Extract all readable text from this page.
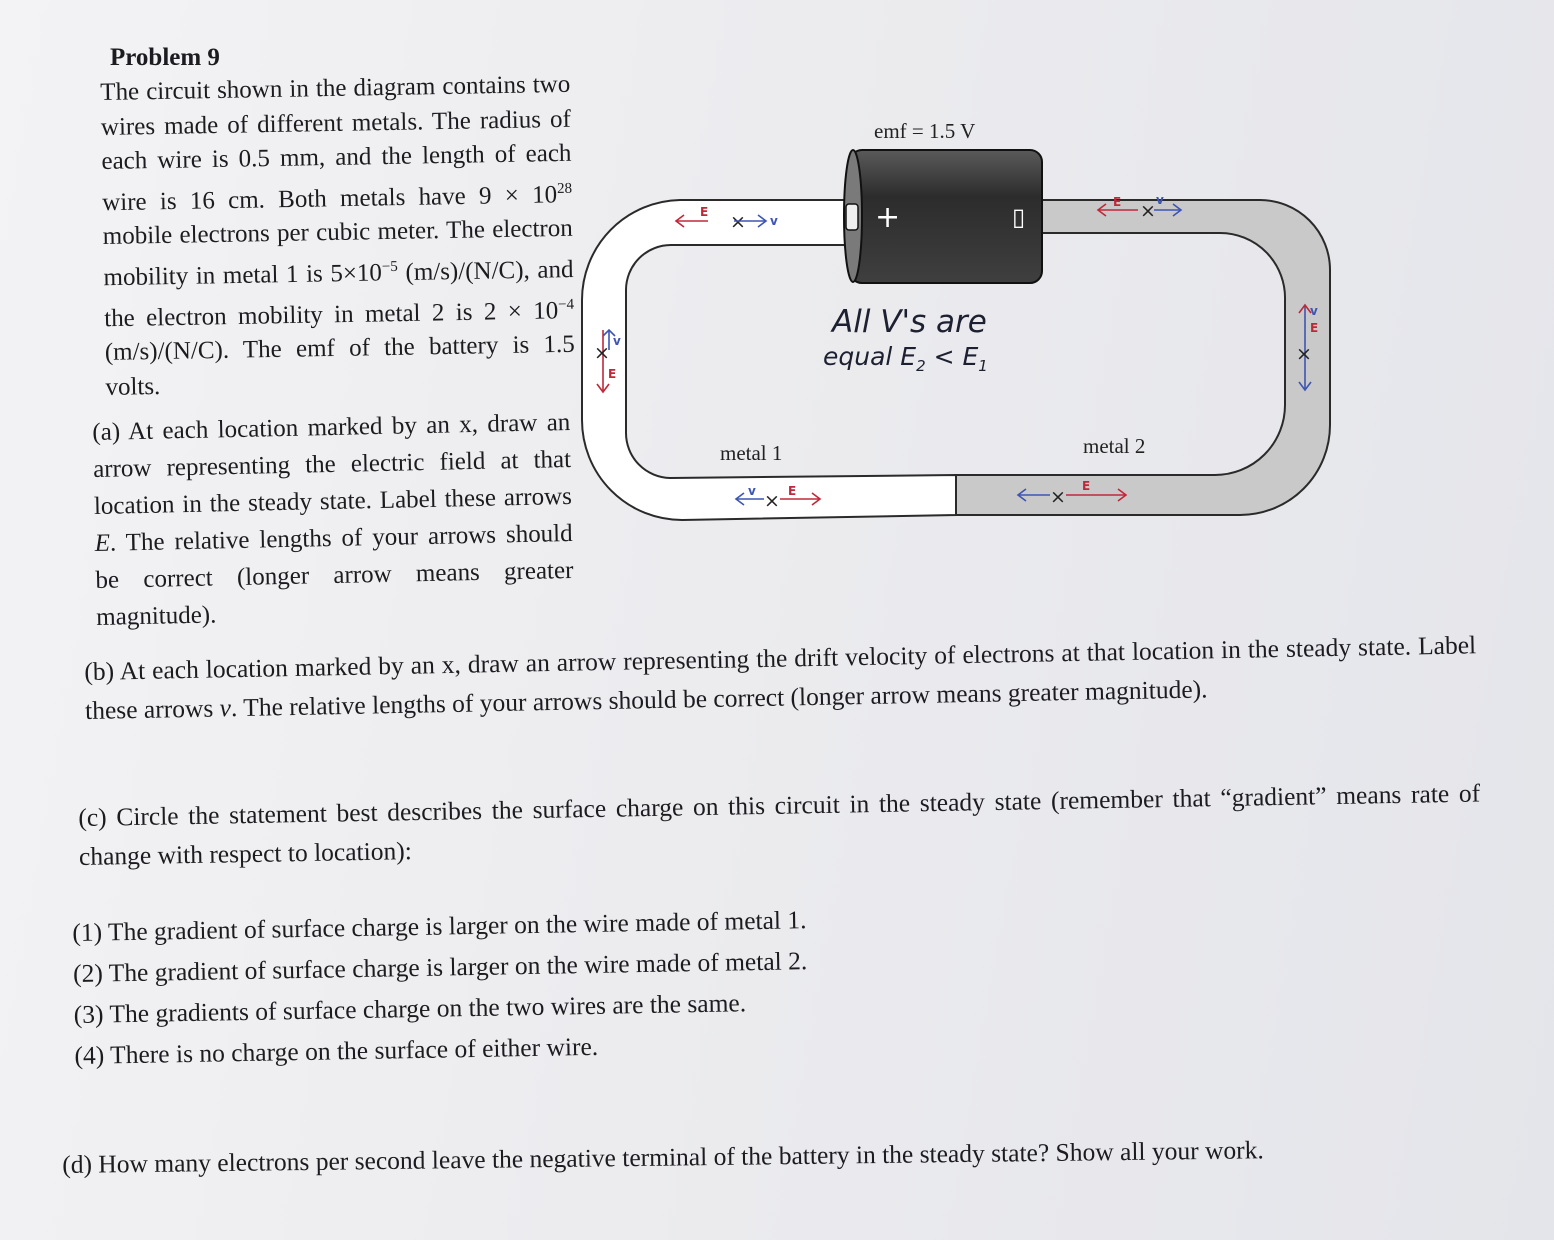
Problem 9

The circuit shown in the diagram contains two wires made of different metals. The radius of each wire is 0.5 mm, and the length of each wire is 16 cm. Both metals have $9 \times 10^{28}$ mobile electrons per cubic meter. The electron mobility in metal 1 is $5\times 10^{-5}$ (m/s)/(N/C), and the electron mobility in metal 2 is $2 \times 10^{-4}$ (m/s)/(N/C). The emf of the battery is 1.5 volts.

(a) At each location marked by an x, draw an arrow representing the electric field at that location in the steady state. Label these arrows E. The relative lengths of your arrows should be correct (longer arrow means greater magnitude).

(b) At each location marked by an x, draw an arrow representing the drift velocity of electrons at that location in the steady state. Label these arrows v. The relative lengths of your arrows should be correct (longer arrow means greater magnitude).

(c) Circle the statement best describes the surface charge on this circuit in the steady state (remember that “gradient” means rate of change with respect to location):

(1) The gradient of surface charge is larger on the wire made of metal 1.
(2) The gradient of surface charge is larger on the wire made of metal 2.
(3) The gradients of surface charge on the two wires are the same.
(4) There is no charge on the surface of either wire.
(d) How many electrons per second leave the negative terminal of the battery in the steady state? Show all your work.
+	▯
emf = 1.5 V
metal 1	metal 2
All V's are
equal $E_2 < E_1$
E × v
E × v
E
×
v
E
×
v
v × E	× E
